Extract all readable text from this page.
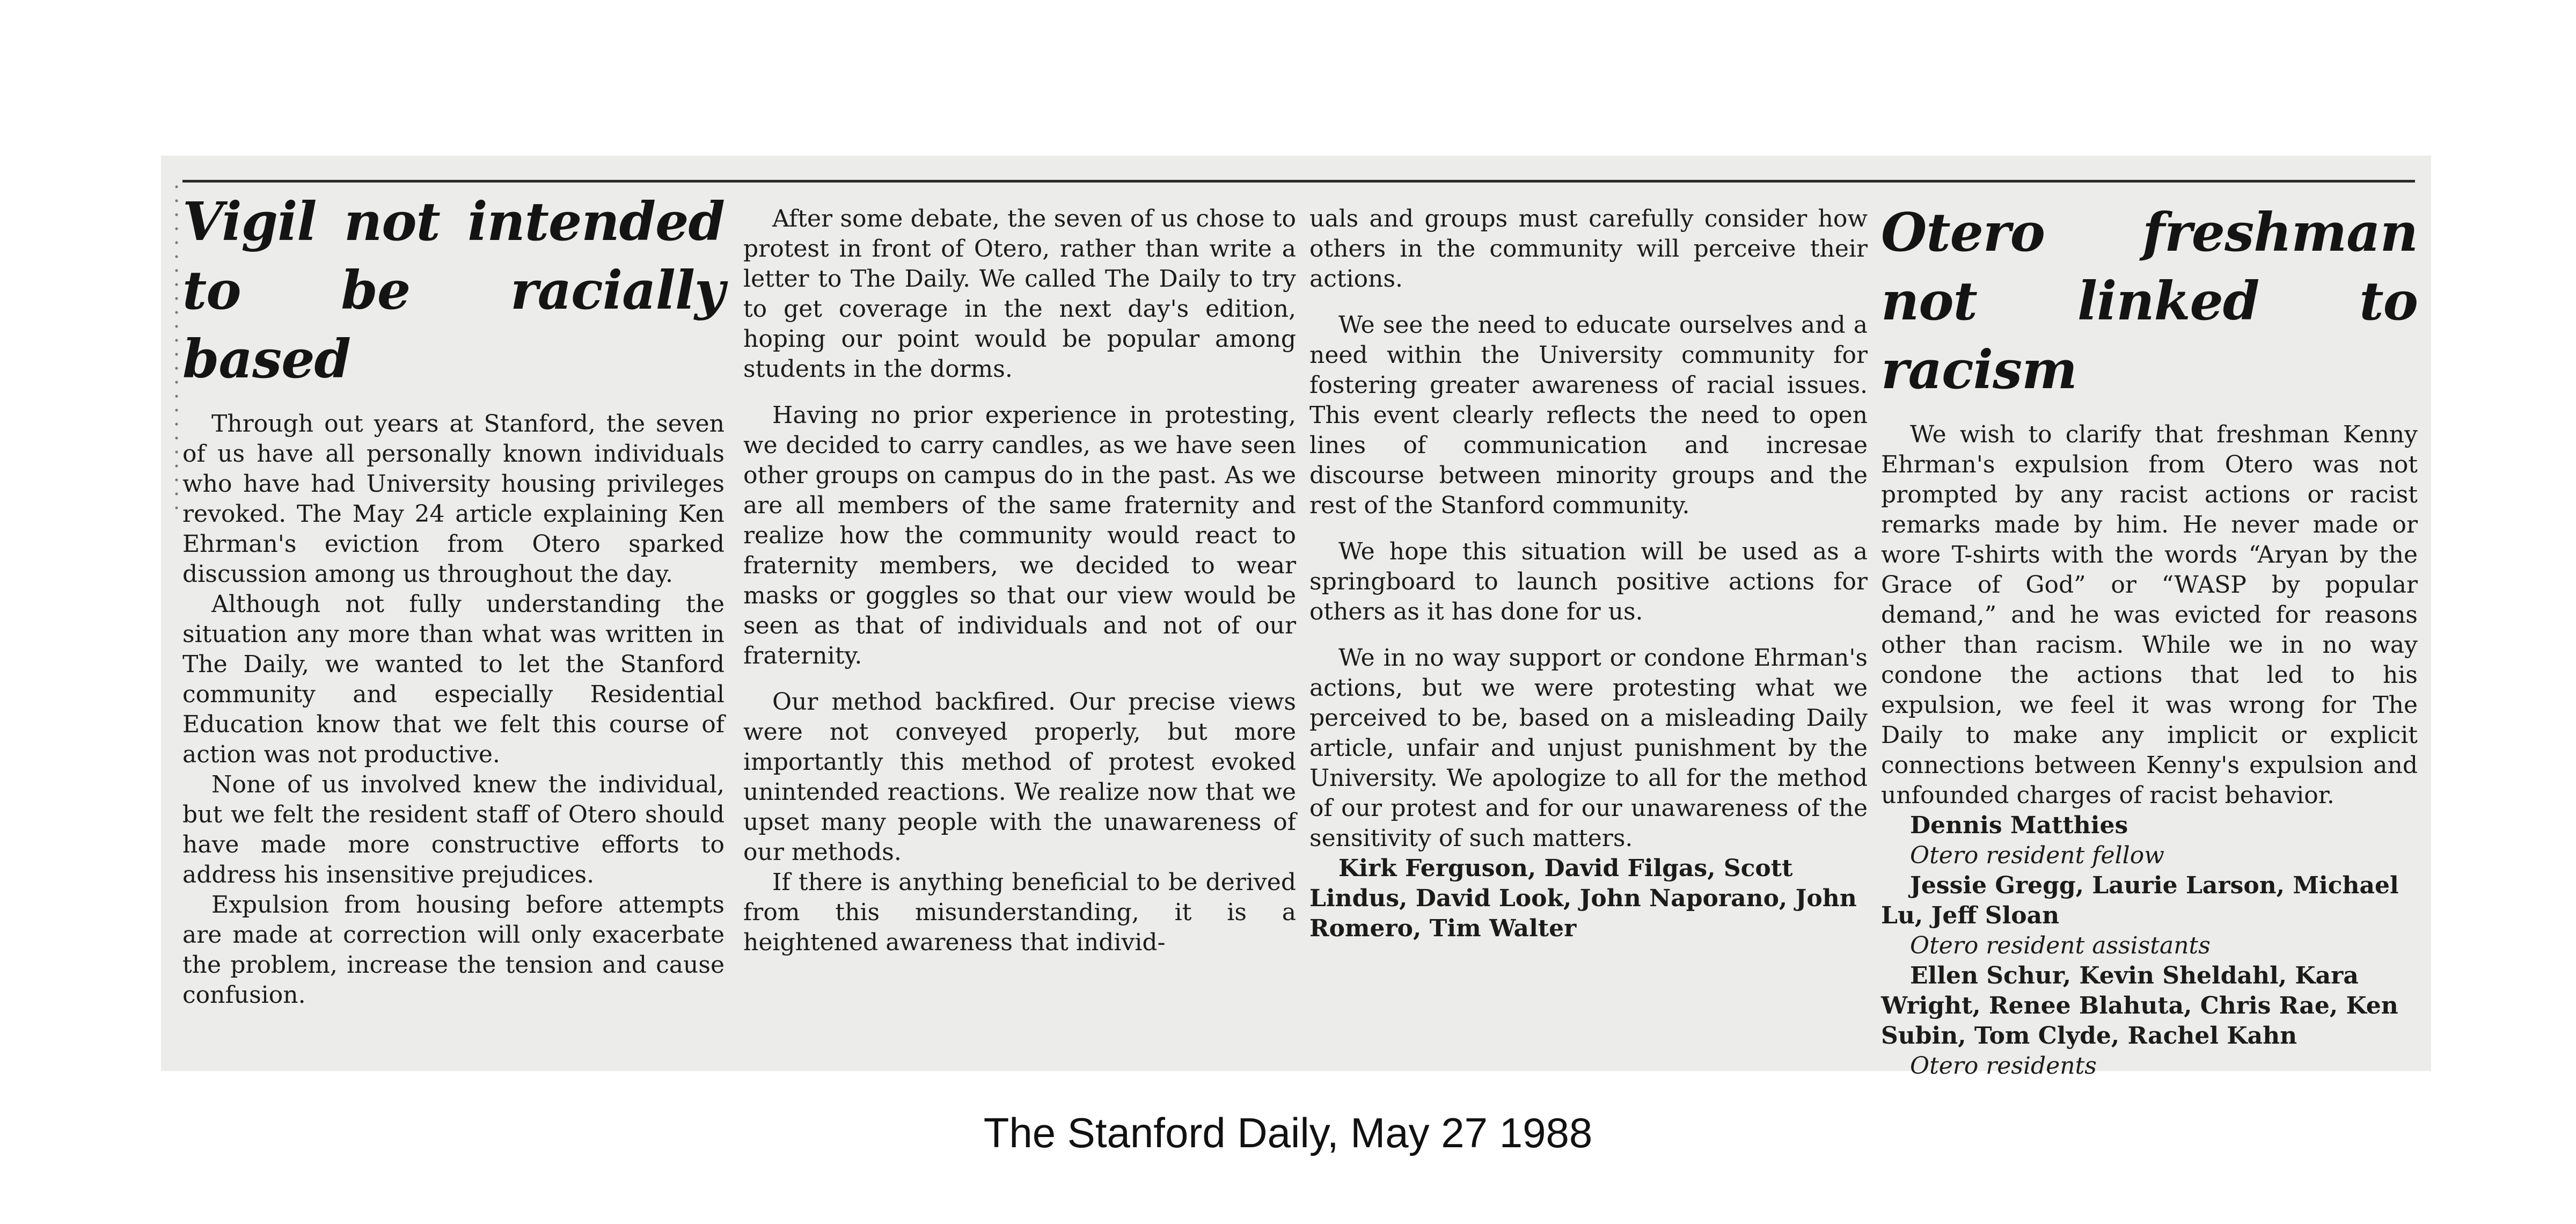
Vigil not intended to be racially based

Through out years at Stanford, the seven of us have all personally known individuals who have had University housing privileges revoked. The May 24 article explaining Ken Ehrman's eviction from Otero sparked discussion among us throughout the day.

Although not fully understanding the situation any more than what was written in The Daily, we wanted to let the Stanford community and especially Residential Education know that we felt this course of action was not productive.

None of us involved knew the individual, but we felt the resident staff of Otero should have made more constructive efforts to address his insensitive prejudices.

Expulsion from housing before attempts are made at correction will only exacerbate the problem, increase the tension and cause confusion.

After some debate, the seven of us chose to protest in front of Otero, rather than write a letter to The Daily. We called The Daily to try to get coverage in the next day's edition, hoping our point would be popular among students in the dorms.

Having no prior experience in protesting, we decided to carry candles, as we have seen other groups on campus do in the past. As we are all members of the same fraternity and realize how the community would react to fraternity members, we decided to wear masks or goggles so that our view would be seen as that of individuals and not of our fraternity.

Our method backfired. Our precise views were not conveyed properly, but more importantly this method of protest evoked unintended reactions. We realize now that we upset many people with the unawareness of our methods.

If there is anything beneficial to be derived from this misunderstanding, it is a heightened awareness that individ-

uals and groups must carefully consider how others in the community will perceive their actions.

We see the need to educate ourselves and a need within the University community for fostering greater awareness of racial issues. This event clearly reflects the need to open lines of communication and incresae discourse between minority groups and the rest of the Stanford community.

We hope this situation will be used as a springboard to launch positive actions for others as it has done for us.

We in no way support or condone Ehrman's actions, but we were protesting what we perceived to be, based on a misleading Daily article, unfair and unjust punishment by the University. We apologize to all for the method of our protest and for our unawareness of the sensitivity of such matters.

Kirk Ferguson, David Filgas, Scott Lindus, David Look, John Naporano, John Romero, Tim Walter

Otero freshman not linked to racism

We wish to clarify that freshman Kenny Ehrman's expulsion from Otero was not prompted by any racist actions or racist remarks made by him. He never made or wore T-shirts with the words “Aryan by the Grace of God” or “WASP by popular demand,” and he was evicted for reasons other than racism. While we in no way condone the actions that led to his expulsion, we feel it was wrong for The Daily to make any implicit or explicit connections between Kenny's expulsion and unfounded charges of racist behavior.

Dennis Matthies
Otero resident fellow
Jessie Gregg, Laurie Larson, Michael Lu, Jeff Sloan
Otero resident assistants
Ellen Schur, Kevin Sheldahl, Kara Wright, Renee Blahuta, Chris Rae, Ken Subin, Tom Clyde, Rachel Kahn
Otero residents

The Stanford Daily, May 27 1988
